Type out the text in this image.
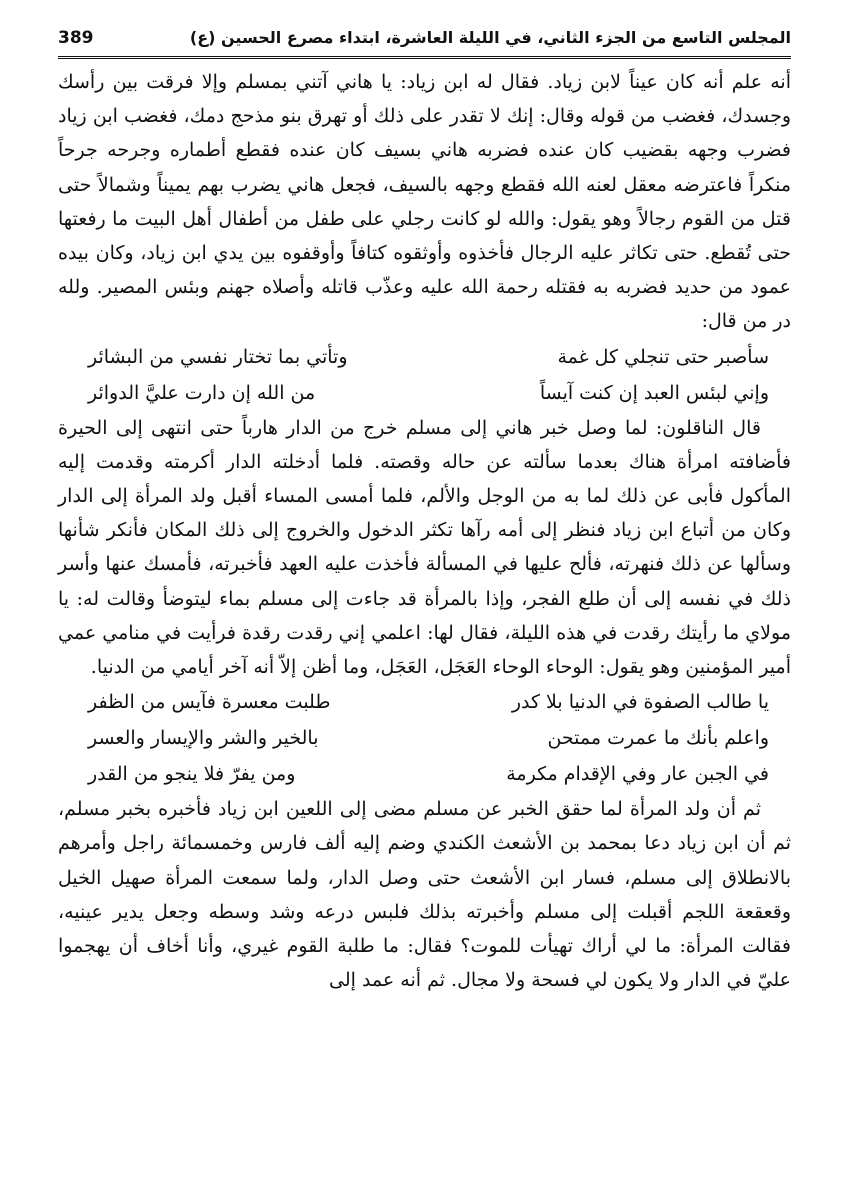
المجلس التاسع من الجزء الثاني، في الليلة العاشرة، ابتداء مصرع الحسين (ع)
389

أنه علم أنه كان عيناً لابن زياد. فقال له ابن زياد: يا هاني آتني بمسلم وإلا فرقت بين رأسك وجسدك، فغضب من قوله وقال: إنك لا تقدر على ذلك أو تهرق بنو مذحج دمك، فغضب ابن زياد فضرب وجهه بقضيب كان عنده فضربه هاني بسيف كان عنده فقطع أطماره وجرحه جرحاً منكراً فاعترضه معقل لعنه الله فقطع وجهه بالسيف، فجعل هاني يضرب بهم يميناً وشمالاً حتى قتل من القوم رجالاً وهو يقول: والله لو كانت رجلي على طفل من أطفال أهل البيت ما رفعتها حتى تُقطع. حتى تكاثر عليه الرجال فأخذوه وأوثقوه كتافاً وأوقفوه بين يدي ابن زياد، وكان بيده عمود من حديد فضربه به فقتله رحمة الله عليه وعذّب قاتله وأصلاه جهنم وبئس المصير. ولله در من قال:

سأصبر حتى تنجلي كل غمة
وتأتي بما تختار نفسي من البشائر
وإني لبئس العبد إن كنت آيساً
من الله إن دارت عليَّ الدوائر

قال الناقلون: لما وصل خبر هاني إلى مسلم خرج من الدار هارباً حتى انتهى إلى الحيرة فأضافته امرأة هناك بعدما سألته عن حاله وقصته. فلما أدخلته الدار أكرمته وقدمت إليه المأكول فأبى عن ذلك لما به من الوجل والألم، فلما أمسى المساء أقبل ولد المرأة إلى الدار وكان من أتباع ابن زياد فنظر إلى أمه رآها تكثر الدخول والخروج إلى ذلك المكان فأنكر شأنها وسألها عن ذلك فنهرته، فألح عليها في المسألة فأخذت عليه العهد فأخبرته، فأمسك عنها وأسر ذلك في نفسه إلى أن طلع الفجر، وإذا بالمرأة قد جاءت إلى مسلم بماء ليتوضأ وقالت له: يا مولاي ما رأيتك رقدت في هذه الليلة، فقال لها: اعلمي إني رقدت رقدة فرأيت في منامي عمي أمير المؤمنين وهو يقول: الوحاء الوحاء العَجَل، العَجَل، وما أظن إلاّ أنه آخر أيامي من الدنيا.

يا طالب الصفوة في الدنيا بلا كدر
طلبت معسرة فآيس من الظفر
واعلم بأنك ما عمرت ممتحن
بالخير والشر والإيسار والعسر
في الجبن عار وفي الإقدام مكرمة
ومن يفرّ فلا ينجو من القدر

ثم أن ولد المرأة لما حقق الخبر عن مسلم مضى إلى اللعين ابن زياد فأخبره بخبر مسلم، ثم أن ابن زياد دعا بمحمد بن الأشعث الكندي وضم إليه ألف فارس وخمسمائة راجل وأمرهم بالانطلاق إلى مسلم، فسار ابن الأشعث حتى وصل الدار، ولما سمعت المرأة صهيل الخيل وقعقعة اللجم أقبلت إلى مسلم وأخبرته بذلك فلبس درعه وشد وسطه وجعل يدير عينيه، فقالت المرأة: ما لي أراك تهيأت للموت؟ فقال: ما طلبة القوم غيري، وأنا أخاف أن يهجموا عليّ في الدار ولا يكون لي فسحة ولا مجال. ثم أنه عمد إلى
